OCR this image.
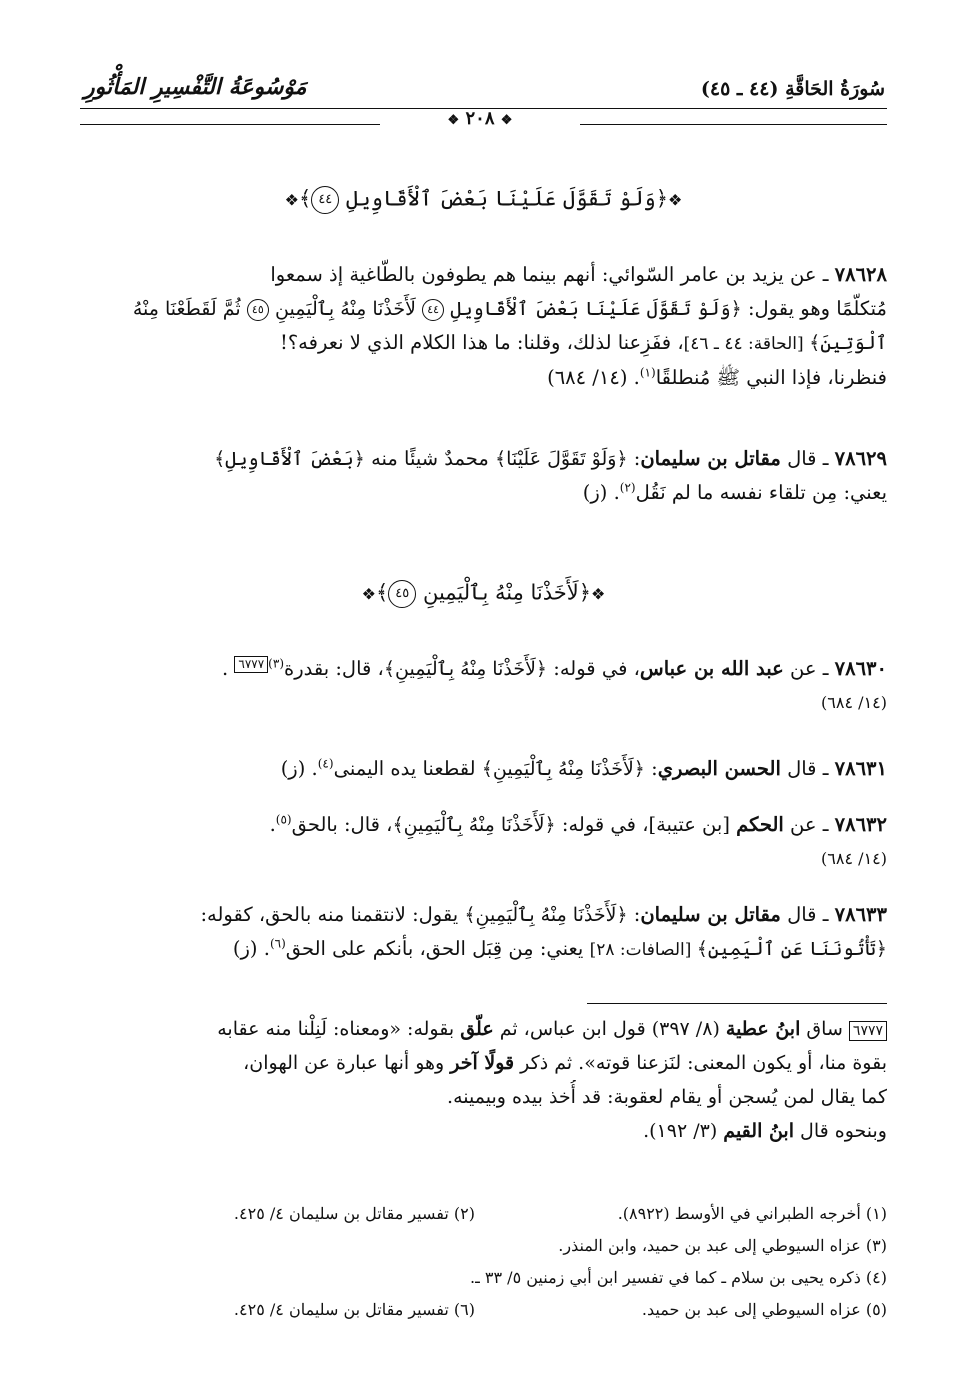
سُورَةُ الحَاقَّةِ (٤٤ ـ ٤٥)
مَوْسُوعَةُ التَّفْسِيرِ المَأْثُورِ
❖ ٢٠٨ ❖
❖﴿وَلَوْ تَقَوَّلَ عَلَيْنَا بَعْضَ ٱلْأَقَاوِيلِ ٤٤﴾❖
٧٨٦٢٨ ـ عن يزيد بن عامر السّوائي: أنهم بينما هم يطوفون بالطّاغية إذ سمعوا
مُتكلّمًا وهو يقول: ﴿وَلَوْ تَقَوَّلَ عَلَيْنَا بَعْضَ ٱلْأَقَاوِيلِ ٤٤ لَأَخَذْنَا مِنْهُ بِٱلْيَمِينِ ٤٥ ثُمَّ لَقَطَعْنَا مِنْهُ
ٱلْوَتِينَ﴾ [الحاقة: ٤٤ ـ ٤٦]، ففَزِعنا لذلك، وقلنا: ما هذا الكلام الذي لا نعرفه؟!
فنظرنا، فإذا النبي ﷺ مُنطلقًا$^{(١)}$. (١٤/ ٦٨٤)
٧٨٦٢٩ ـ قال مقاتل بن سليمان: ﴿وَلَوْ تَقَوَّلَ عَلَيْنَا﴾ محمدٌ شيئًا منه ﴿بَعْضَ ٱلْأَقَاوِيلِ﴾
يعني: مِن تلقاء نفسه ما لم نَقُل$^{(٢)}$. (ز)
❖﴿لَأَخَذْنَا مِنْهُ بِٱلْيَمِينِ ٤٥﴾❖
٧٨٦٣٠ ـ عن عبد الله بن عباس، في قوله: ﴿لَأَخَذْنَا مِنْهُ بِٱلْيَمِينِ﴾، قال: بقدرة$^{(٣)}$٦٧٧٧ .
(١٤/ ٦٨٤)
٧٨٦٣١ ـ قال الحسن البصري: ﴿لَأَخَذْنَا مِنْهُ بِٱلْيَمِينِ﴾ لقطعنا يده اليمنى$^{(٤)}$. (ز)
٧٨٦٣٢ ـ عن الحكم [بن عتيبة]، في قوله: ﴿لَأَخَذْنَا مِنْهُ بِٱلْيَمِينِ﴾، قال: بالحق$^{(٥)}$.
(١٤/ ٦٨٤)
٧٨٦٣٣ ـ قال مقاتل بن سليمان: ﴿لَأَخَذْنَا مِنْهُ بِٱلْيَمِينِ﴾ يقول: لانتقمنا منه بالحق، كقوله:
﴿تَأْتُونَنَا عَنِ ٱلْيَمِينِ﴾ [الصافات: ٢٨] يعني: مِن قِبَل الحق، بأنكم على الحق$^{(٦)}$. (ز)
٦٧٧٧ ساق ابنُ عطية (٨/ ٣٩٧) قول ابن عباس، ثم علّق بقوله: «ومعناه: لَنِلْنا منه عقابه
بقوة منا، أو يكون المعنى: لنَزعنا قوته». ثم ذكر قولًا آخر وهو أنها عبارة عن الهوان،
كما يقال لمن يُسجن أو يقام لعقوبة: قد أُخذ بيده وبيمينه.
وبنحوه قال ابنُ القيم (٣/ ١٩٢).
(١) أخرجه الطبراني في الأوسط (٨٩٢٢).
(٢) تفسير مقاتل بن سليمان ٤/ ٤٢٥.
(٣) عزاه السيوطي إلى عبد بن حميد، وابن المنذر.
(٤) ذكره يحيى بن سلام ـ كما في تفسير ابن أبي زمنين ٥/ ٣٣ ـ.
(٥) عزاه السيوطي إلى عبد بن حميد.
(٦) تفسير مقاتل بن سليمان ٤/ ٤٢٥.
